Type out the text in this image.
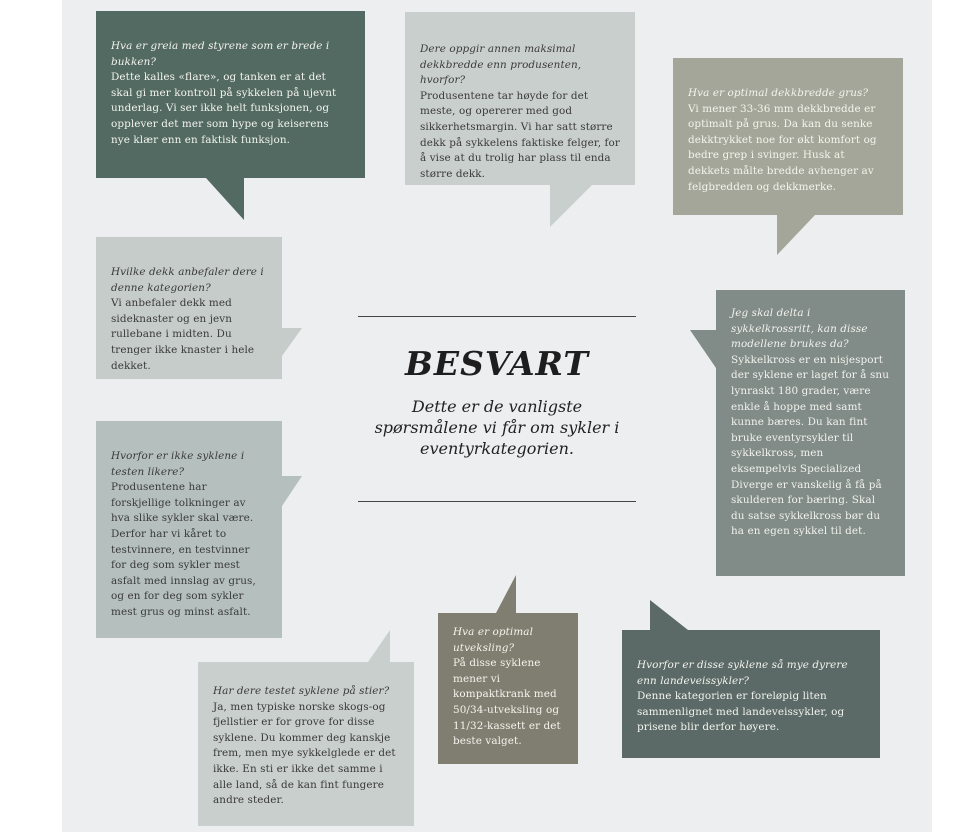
Hva er greia med styrene som er brede i bukken?
Dette kalles «flare», og tanken er at det skal gi mer kontroll på sykkelen på ujevnt underlag. Vi ser ikke helt funksjonen, og opplever det mer som hype og keiserens nye klær enn en faktisk funksjon.
Dere oppgir annen maksimal dekkbredde enn produsenten, hvorfor?
Produsentene tar høyde for det meste, og opererer med god sikkerhetsmargin. Vi har satt større dekk på sykkelens faktiske felger, for å vise at du trolig har plass til enda større dekk.
Hva er optimal dekkbredde grus?
Vi mener 33-36 mm dekkbredde er optimalt på grus. Da kan du senke dekktrykket noe for økt komfort og bedre grep i svinger. Husk at dekkets målte bredde avhenger av felgbredden og dekkmerke.
Hvilke dekk anbefaler dere i denne kategorien?
Vi anbefaler dekk med sideknaster og en jevn rullebane i midten. Du trenger ikke knaster i hele dekket.
Jeg skal delta i sykkelkrossritt, kan disse modellene brukes da?
Sykkelkross er en nisjesport der syklene er laget for å snu lynraskt 180 grader, være enkle å hoppe med samt kunne bæres. Du kan fint bruke eventyrsykler til sykkelkross, men eksempelvis Specialized Diverge er vanskelig å få på skulderen for bæring. Skal du satse sykkelkross bør du ha en egen sykkel til det.
BESVART

Dette er de vanligste spørsmålene vi får om sykler i eventyrkategorien.

Hvorfor er ikke syklene i testen likere?
Produsentene har forskjellige tolkninger av hva slike sykler skal være. Derfor har vi kåret to testvinnere, en testvinner for deg som sykler mest asfalt med innslag av grus, og en for deg som sykler mest grus og minst asfalt.
Hva er optimal utveksling?
På disse syklene mener vi kompaktkrank med 50/34-utveksling og 11/32-kassett er det beste valget.
Hvorfor er disse syklene så mye dyrere enn landeveissykler?
Denne kategorien er foreløpig liten sammenlignet med landeveissykler, og prisene blir derfor høyere.
Har dere testet syklene på stier?
Ja, men typiske norske skogs-og fjellstier er for grove for disse syklene. Du kommer deg kanskje frem, men mye sykkelglede er det ikke. En sti er ikke det samme i alle land, så de kan fint fungere andre steder.
